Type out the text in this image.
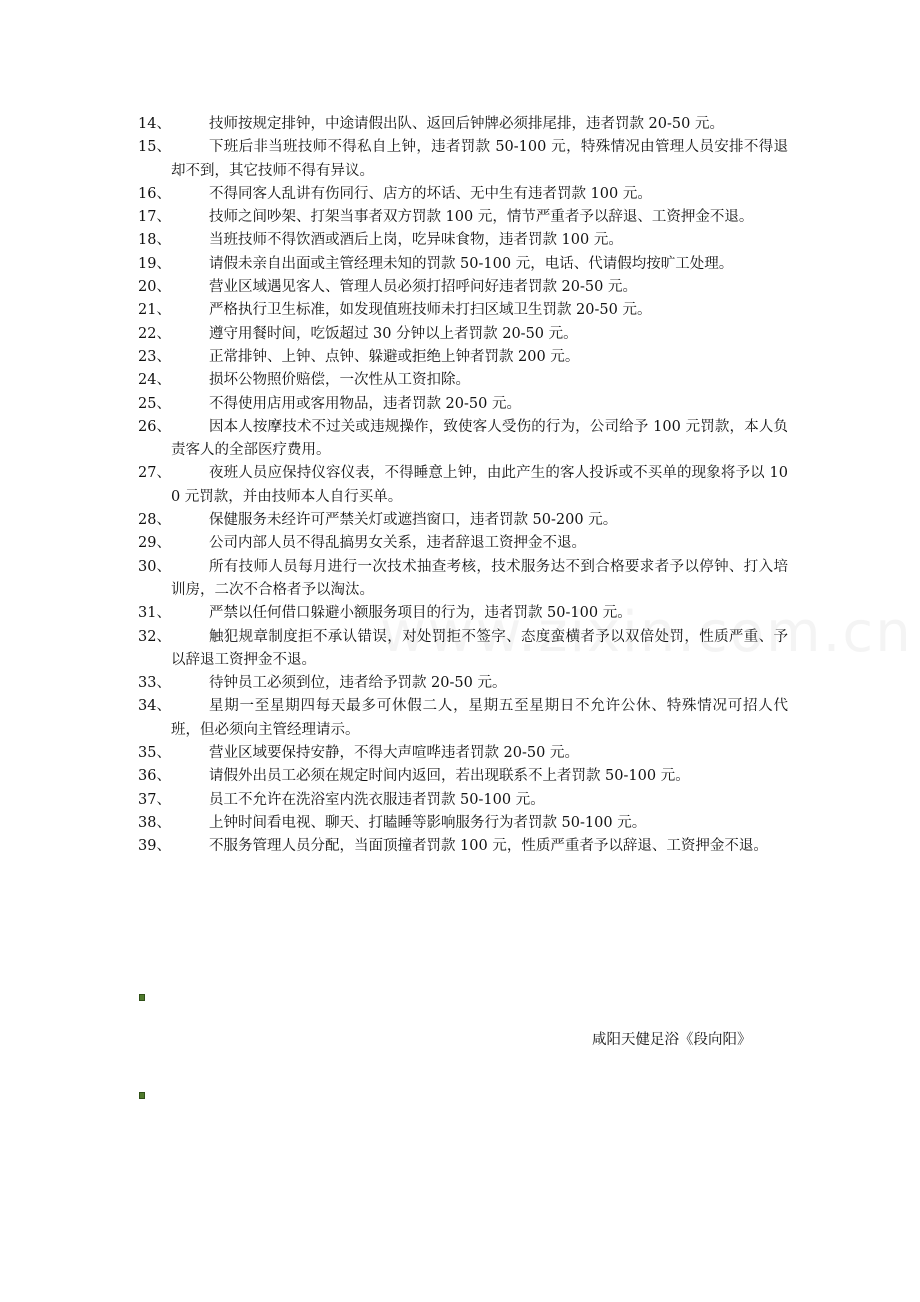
14、	技师按规定排钟，中途请假出队、返回后钟牌必须排尾排，违者罚款 20-50 元。
15、	下班后非当班技师不得私自上钟，违者罚款 50-100 元，特殊情况由管理人员安排不得退却不到，其它技师不得有异议。
16、	不得同客人乱讲有伤同行、店方的坏话、无中生有违者罚款 100 元。
17、	技师之间吵架、打架当事者双方罚款 100 元，情节严重者予以辞退、工资押金不退。
18、	当班技师不得饮酒或酒后上岗，吃异味食物，违者罚款 100 元。
19、	请假未亲自出面或主管经理未知的罚款 50-100 元，电话、代请假均按旷工处理。
20、	营业区域遇见客人、管理人员必须打招呼问好违者罚款 20-50 元。
21、	严格执行卫生标准，如发现值班技师未打扫区域卫生罚款 20-50 元。
22、	遵守用餐时间，吃饭超过 30 分钟以上者罚款 20-50 元。
23、	正常排钟、上钟、点钟、躲避或拒绝上钟者罚款 200 元。
24、	损坏公物照价赔偿，一次性从工资扣除。
25、	不得使用店用或客用物品，违者罚款 20-50 元。
26、	因本人按摩技术不过关或违规操作，致使客人受伤的行为，公司给予 100 元罚款，本人负责客人的全部医疗费用。
27、	夜班人员应保持仪容仪表，不得睡意上钟，由此产生的客人投诉或不买单的现象将予以 100 元罚款，并由技师本人自行买单。
28、	保健服务未经许可严禁关灯或遮挡窗口，违者罚款 50-200 元。
29、	公司内部人员不得乱搞男女关系，违者辞退工资押金不退。
30、	所有技师人员每月进行一次技术抽查考核，技术服务达不到合格要求者予以停钟、打入培训房，二次不合格者予以淘汰。
31、	严禁以任何借口躲避小额服务项目的行为，违者罚款 50-100 元。
32、	触犯规章制度拒不承认错误，对处罚拒不签字、态度蛮横者予以双倍处罚，性质严重、予以辞退工资押金不退。
33、	待钟员工必须到位，违者给予罚款 20-50 元。
34、	星期一至星期四每天最多可休假二人，星期五至星期日不允许公休、特殊情况可招人代班，但必须向主管经理请示。
35、	营业区域要保持安静，不得大声喧哗违者罚款 20-50 元。
36、	请假外出员工必须在规定时间内返回，若出现联系不上者罚款 50-100 元。
37、	员工不允许在洗浴室内洗衣服违者罚款 50-100 元。
38、	上钟时间看电视、聊天、打瞌睡等影响服务行为者罚款 50-100 元。
39、	不服务管理人员分配，当面顶撞者罚款 100 元，性质严重者予以辞退、工资押金不退。
咸阳天健足浴《段向阳》
